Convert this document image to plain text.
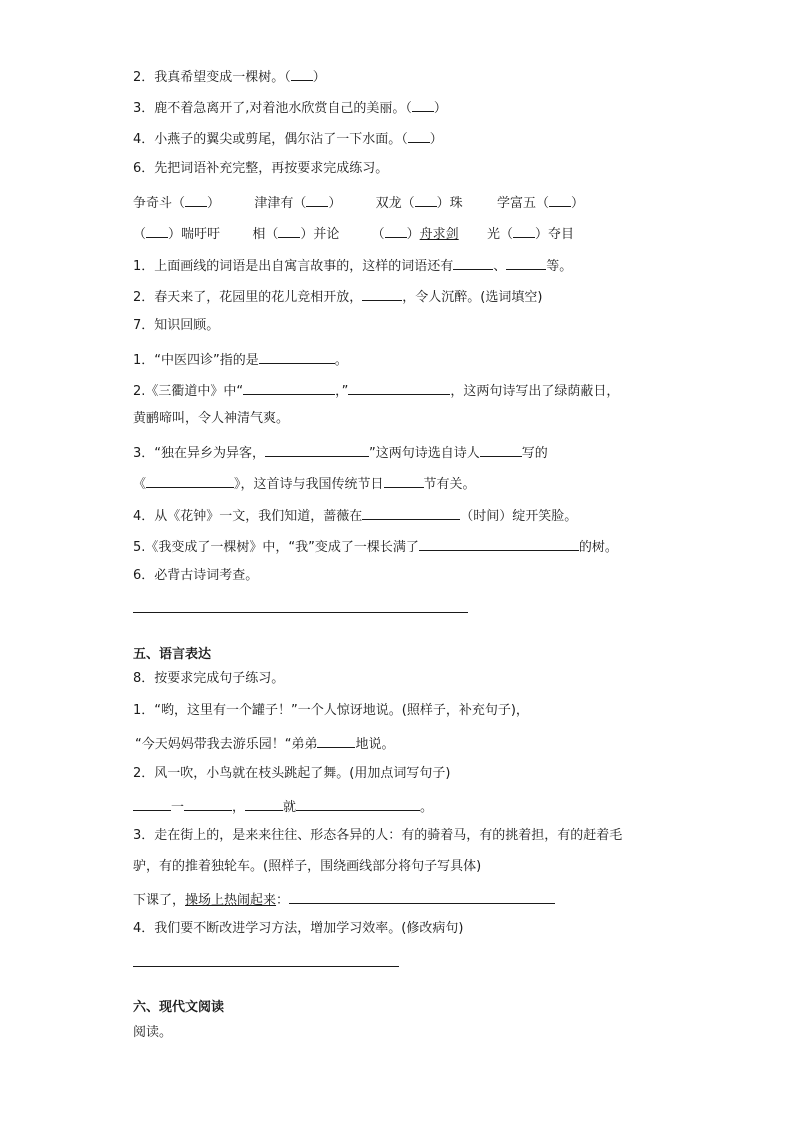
2．我真希望变成一棵树。（ ）
3．鹿不着急离开了,对着池水欣赏自己的美丽。（ ）
4．小燕子的翼尖或剪尾，偶尔沾了一下水面。（ ）
6．先把词语补充完整，再按要求完成练习。
争奇斗（ ）	津津有（ ）	双龙（ ）珠	学富五（ ）
（ ）喘吁吁 相（ ）并论 （ ）舟求剑 光（ ）夺目
1．上面画线的词语是出自寓言故事的，这样的词语还有	、	等。
2．春天来了，花园里的花儿竞相开放，	，令人沉醉。(选词填空)
7．知识回顾。
1．“中医四诊”指的是	。
2.《三衢道中》中“	，”	，这两句诗写出了绿荫蔽日，
黄鹂啼叫，令人神清气爽。
3．“独在异乡为异客，	”这两句诗选自诗人	写的
《	》，这首诗与我国传统节日	节有关。
4．从《花钟》一文，我们知道，蔷薇在	（时间）绽开笑脸。
5.《我变成了一棵树》中，“我”变成了一棵长满了	的树。
6．必背古诗词考查。
五、语言表达
8．按要求完成句子练习。
1．“哟，这里有一个罐子！”一个人惊讶地说。(照样子，补充句子)，
“今天妈妈带我去游乐园！“弟弟	地说。
2．风一吹，小鸟就在枝头跳起了舞。(用加点词写句子)
一	，	就	。
3．走在街上的，是来来往往、形态各异的人：有的骑着马，有的挑着担，有的赶着毛
驴，有的推着独轮车。(照样子，围绕画线部分将句子写具体)
下课了，操场上热闹起来：
4．我们要不断改进学习方法，增加学习效率。(修改病句)
六、现代文阅读
阅读。
